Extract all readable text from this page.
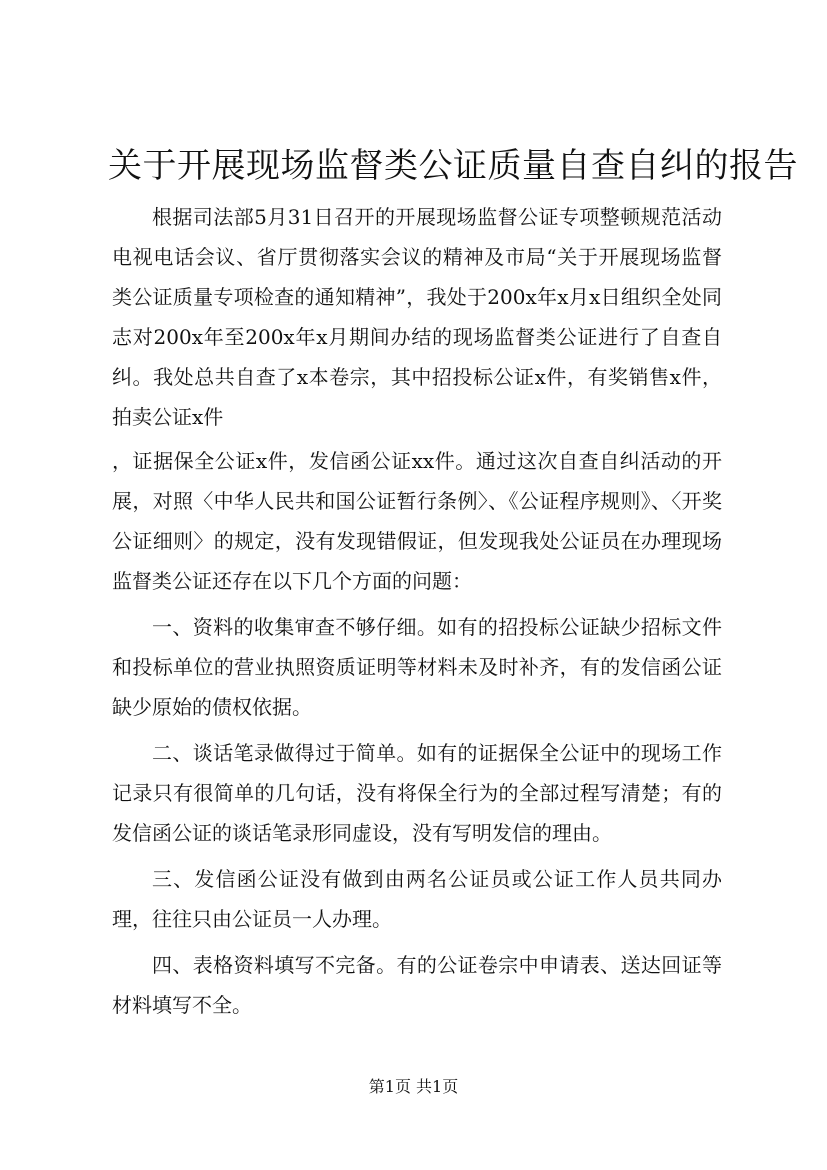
关于开展现场监督类公证质量自查自纠的报告

根据司法部5月31日召开的开展现场监督公证专项整顿规范活动电视电话会议、省厅贯彻落实会议的精神及市局“关于开展现场监督类公证质量专项检查的通知精神”，我处于200x年x月x日组织全处同志对200x年至200x年x月期间办结的现场监督类公证进行了自查自纠。我处总共自查了x本卷宗，其中招投标公证x件，有奖销售x件，拍卖公证x件

，证据保全公证x件，发信函公证xx件。通过这次自查自纠活动的开展，对照〈中华人民共和国公证暂行条例〉、《公证程序规则》、〈开奖公证细则〉的规定，没有发现错假证，但发现我处公证员在办理现场监督类公证还存在以下几个方面的问题：

一、资料的收集审查不够仔细。如有的招投标公证缺少招标文件和投标单位的营业执照资质证明等材料未及时补齐，有的发信函公证缺少原始的债权依据。

二、谈话笔录做得过于简单。如有的证据保全公证中的现场工作记录只有很简单的几句话，没有将保全行为的全部过程写清楚；有的发信函公证的谈话笔录形同虚设，没有写明发信的理由。

三、发信函公证没有做到由两名公证员或公证工作人员共同办理，往往只由公证员一人办理。

四、表格资料填写不完备。有的公证卷宗中申请表、送达回证等材料填写不全。

第1页 共1页
